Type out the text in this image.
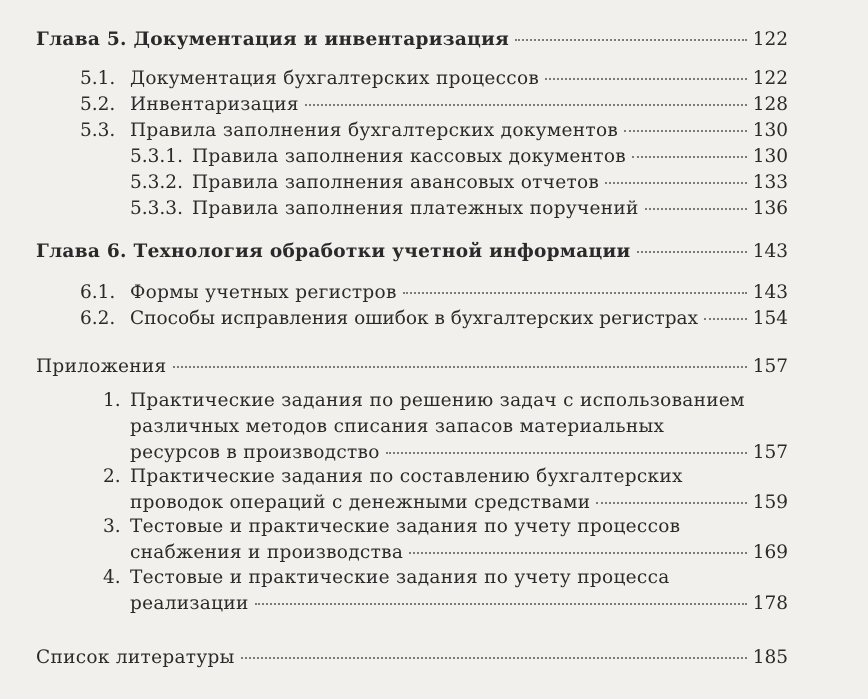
Глава 5. Документация и инвентаризация	122
5.1. Документация бухгалтерских процессов	122
5.2. Инвентаризация	128
5.3. Правила заполнения бухгалтерских документов	130
5.3.1. Правила заполнения кассовых документов	130
5.3.2. Правила заполнения авансовых отчетов	133
5.3.3. Правила заполнения платежных поручений	136
Глава 6. Технология обработки учетной информации	143
6.1. Формы учетных регистров	143
6.2. Способы исправления ошибок в бухгалтерских регистрах	154
Приложения	157
1. Практические задания по решению задач с использованием
различных методов списания запасов материальных
ресурсов в производство	157
2. Практические задания по составлению бухгалтерских
проводок операций с денежными средствами	159
3. Тестовые и практические задания по учету процессов
снабжения и производства	169
4. Тестовые и практические задания по учету процесса
реализации	178
Список литературы	185
